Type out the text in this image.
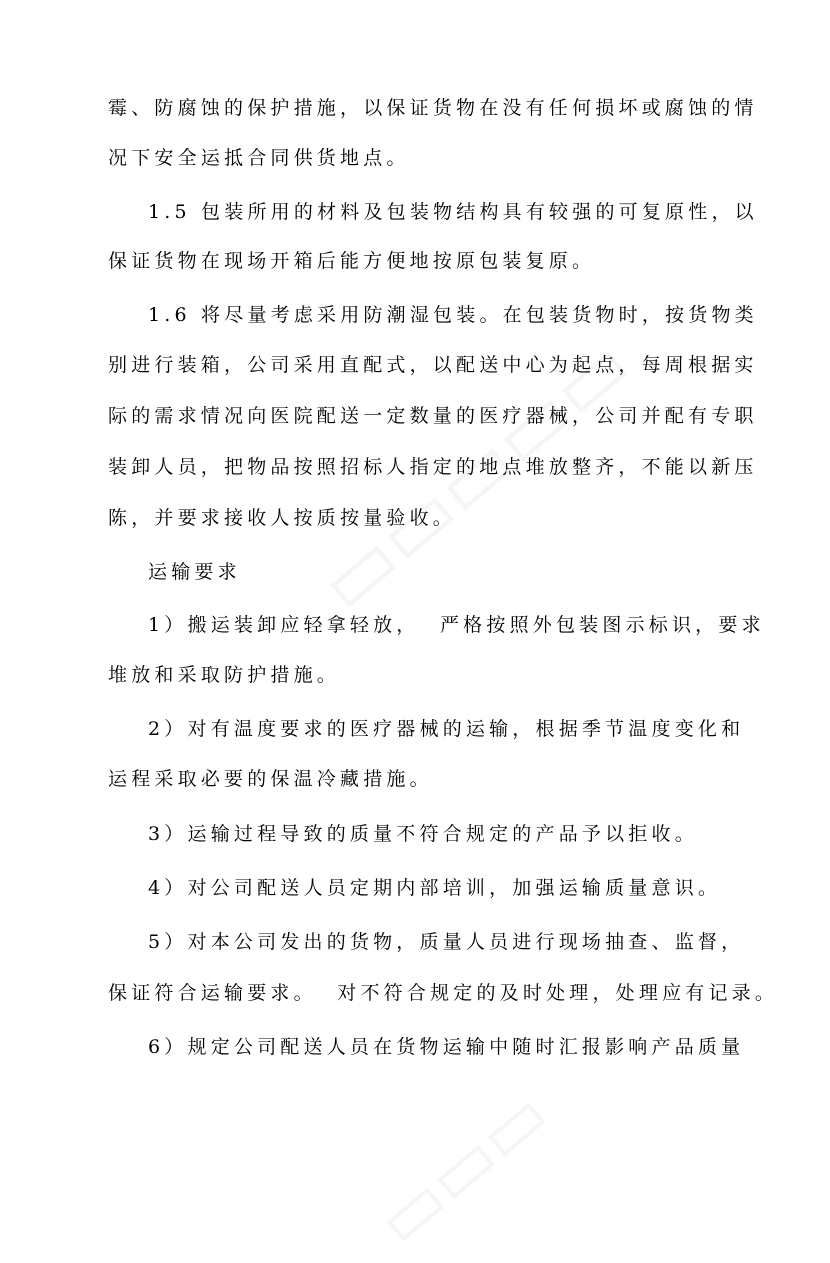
霉、防腐蚀的保护措施，以保证货物在没有任何损坏或腐蚀的情
况下安全运抵合同供货地点。
1.5 包装所用的材料及包装物结构具有较强的可复原性，以
保证货物在现场开箱后能方便地按原包装复原。
1.6 将尽量考虑采用防潮湿包装。在包装货物时，按货物类
别进行装箱，公司采用直配式，以配送中心为起点，每周根据实
际的需求情况向医院配送一定数量的医疗器械，公司并配有专职
装卸人员，把物品按照招标人指定的地点堆放整齐，不能以新压
陈，并要求接收人按质按量验收。
运输要求
1）搬运装卸应轻拿轻放，  严格按照外包装图示标识，要求
堆放和采取防护措施。
2）对有温度要求的医疗器械的运输，根据季节温度变化和
运程采取必要的保温冷藏措施。
3）运输过程导致的质量不符合规定的产品予以拒收。
4）对公司配送人员定期内部培训，加强运输质量意识。
5）对本公司发出的货物，质量人员进行现场抽查、监督，
保证符合运输要求。  对不符合规定的及时处理，处理应有记录。
6）规定公司配送人员在货物运输中随时汇报影响产品质量
